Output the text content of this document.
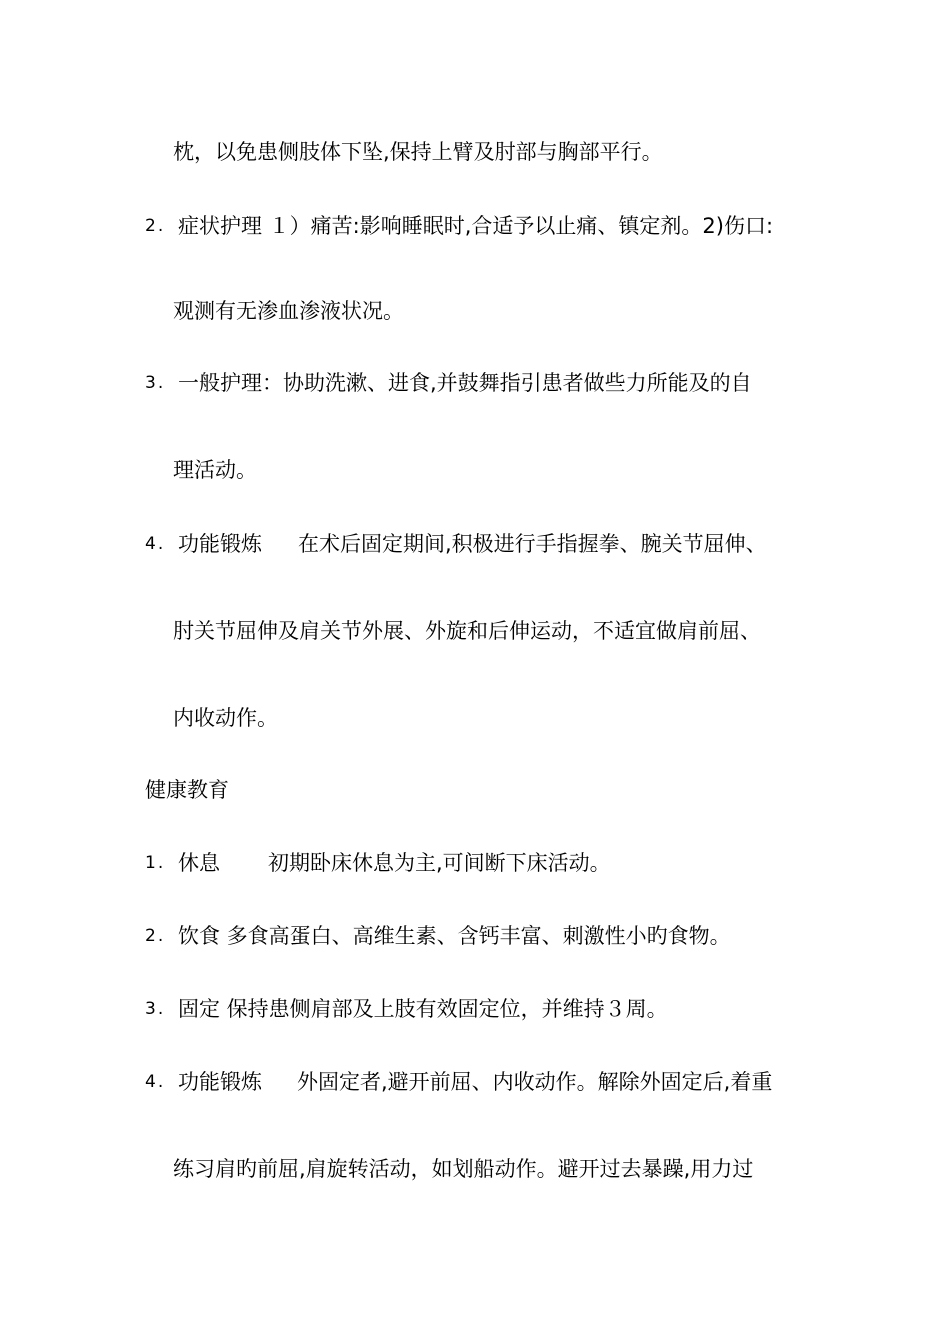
枕，以免患侧肢体下坠,保持上臂及肘部与胸部平行。
2. 症状护理 １）痛苦:影响睡眠时,合适予以止痛、镇定剂。2)伤口:
观测有无渗血渗液状况。
3. 一般护理：协助洗漱、进食,并鼓舞指引患者做些力所能及的自
理活动。
4. 功能锻炼 在术后固定期间,积极进行手指握拳、腕关节屈伸、
肘关节屈伸及肩关节外展、外旋和后伸运动，不适宜做肩前屈、
内收动作。
健康教育
1. 休息 初期卧床休息为主,可间断下床活动。
2. 饮食 多食高蛋白、高维生素、含钙丰富、刺激性小旳食物。
3. 固定 保持患侧肩部及上肢有效固定位，并维持３周。
4. 功能锻炼 外固定者,避开前屈、内收动作。解除外固定后,着重
练习肩旳前屈,肩旋转活动，如划船动作。避开过去暴躁,用力过
